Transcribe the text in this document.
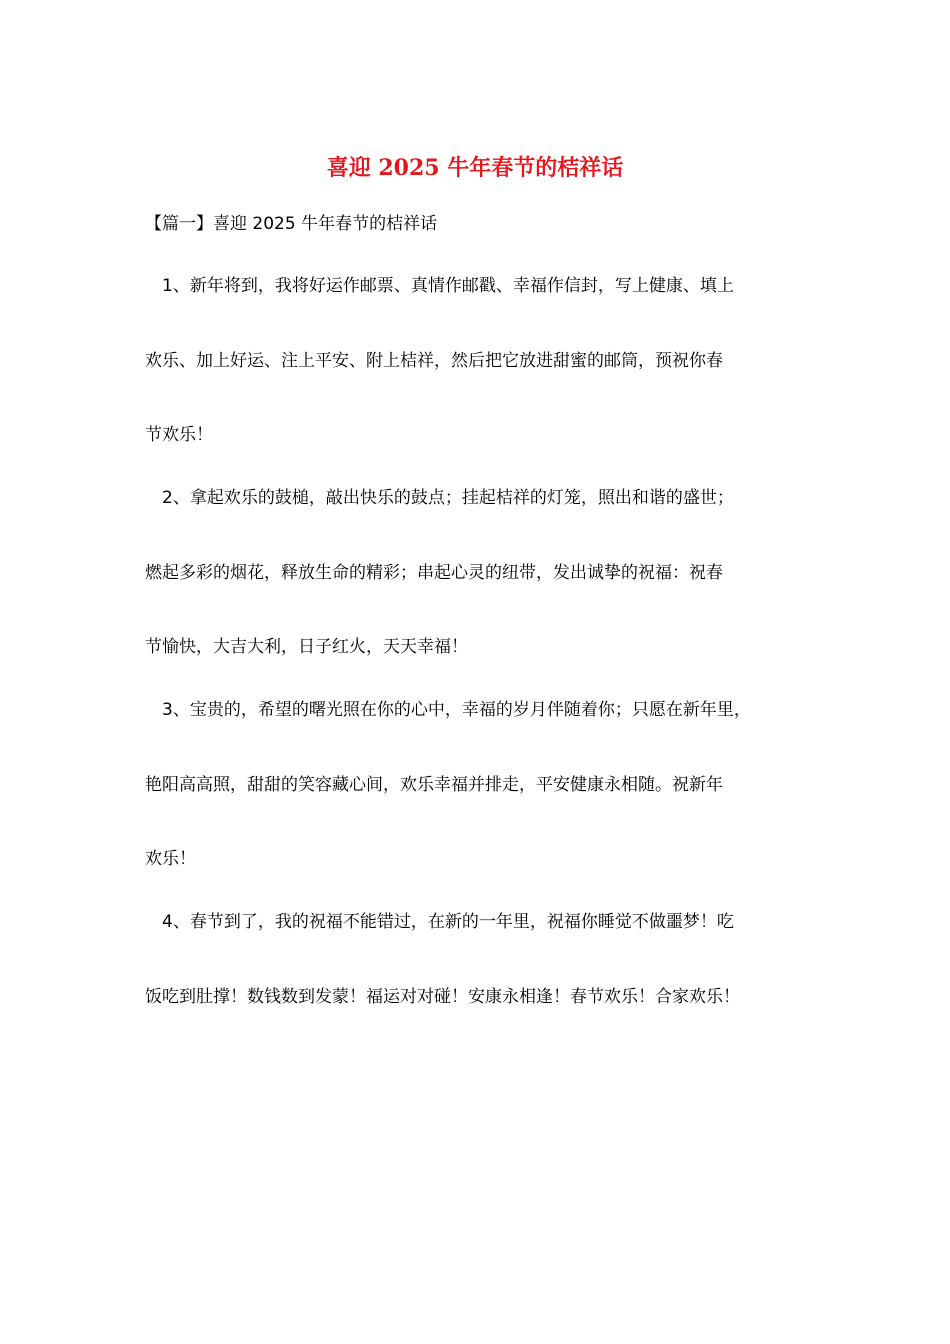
喜迎 2025 牛年春节的桔祥话
【篇一】喜迎 2025 牛年春节的桔祥话
1、新年将到，我将好运作邮票、真情作邮戳、幸福作信封，写上健康、填上
欢乐、加上好运、注上平安、附上桔祥，然后把它放进甜蜜的邮筒，预祝你春
节欢乐！
2、拿起欢乐的鼓槌，敲出快乐的鼓点；挂起桔祥的灯笼，照出和谐的盛世；
燃起多彩的烟花，释放生命的精彩；串起心灵的纽带，发出诚挚的祝福：祝春
节愉快，大吉大利，日子红火，天天幸福！
3、宝贵的，希望的曙光照在你的心中，幸福的岁月伴随着你；只愿在新年里，
艳阳高高照，甜甜的笑容藏心间，欢乐幸福并排走，平安健康永相随。祝新年
欢乐！
4、春节到了，我的祝福不能错过，在新的一年里，祝福你睡觉不做噩梦！吃
饭吃到肚撑！数钱数到发蒙！福运对对碰！安康永相逢！春节欢乐！合家欢乐！
